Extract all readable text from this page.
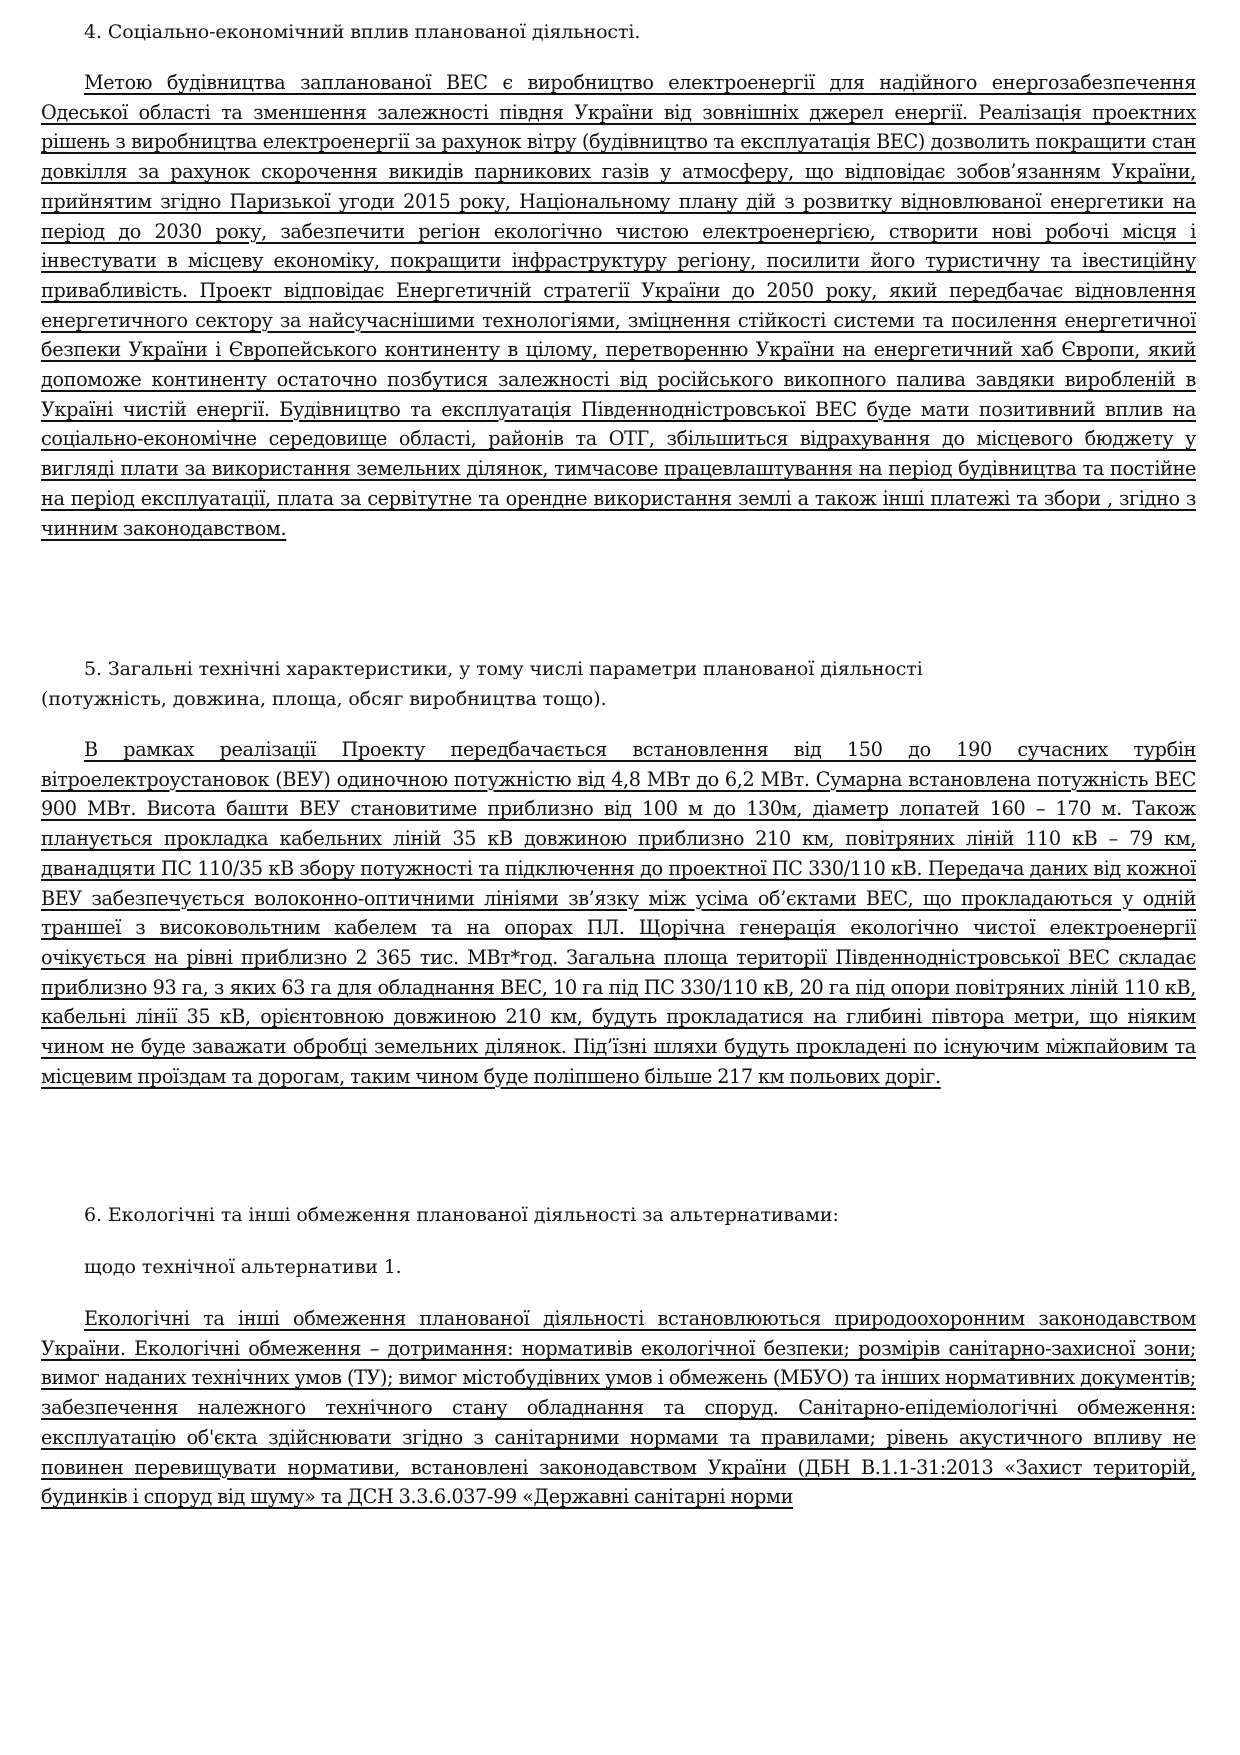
4. Соціально-економічний вплив планованої діяльності.

Метою будівництва запланованої ВЕС є виробництво електроенергії для надійного енергозабезпечення Одеської області та зменшення залежності півдня України від зовнішніх джерел енергії. Реалізація проектних рішень з виробництва електроенергії за рахунок вітру (будівництво та експлуатація ВЕС) дозволить покращити стан довкілля за рахунок скорочення викидів парникових газів у атмосферу, що відповідає зобов’язанням України, прийнятим згідно Паризької угоди 2015 року, Національному плану дій з розвитку відновлюваної енергетики на період до 2030 року, забезпечити регіон екологічно чистою електроенергією, створити нові робочі місця і інвестувати в місцеву економіку, покращити інфраструктуру регіону, посилити його туристичну та івестиційну привабливість. Проект відповідає Енергетичній стратегії України до 2050 року, який передбачає відновлення енергетичного сектору за найсучаснішими технологіями, зміцнення стійкості системи та посилення енергетичної безпеки України і Європейського континенту в цілому, перетворенню України на енергетичний хаб Європи, який допоможе континенту остаточно позбутися залежності від російського викопного палива завдяки виробленій в Україні чистій енергії. Будівництво та експлуатація Південнодністровської ВЕС буде мати позитивний вплив на соціально-економічне середовище області, районів та ОТГ, збільшиться відрахування до місцевого бюджету у вигляді плати за використання земельних ділянок, тимчасове працевлаштування на період будівництва та постійне на період експлуатації, плата за сервітутне та орендне використання землі а також інші платежі та збори , згідно з чинним законодавством.

5. Загальні технічні характеристики, у тому числі параметри планованої діяльності

(потужність, довжина, площа, обсяг виробництва тощо).

В рамках реалізації Проекту передбачається встановлення від 150 до 190 сучасних турбін вітроелектроустановок (ВЕУ) одиночною потужністю від 4,8 МВт до 6,2 МВт. Сумарна встановлена потужність ВЕС 900 МВт. Висота башти ВЕУ становитиме приблизно від 100 м до 130м, діаметр лопатей 160 – 170 м. Також планується прокладка кабельних ліній 35 кВ довжиною приблизно 210 км, повітряних ліній 110 кВ – 79 км, дванадцяти ПС 110/35 кВ збору потужності та підключення до проектної ПС 330/110 кВ. Передача даних від кожної ВЕУ забезпечується волоконно-оптичними лініями зв’язку між усіма об’єктами ВЕС, що прокладаються у одній траншеї з високовольтним кабелем та на опорах ПЛ. Щорічна генерація екологічно чистої електроенергії очікується на рівні приблизно 2 365 тис. МВт*год. Загальна площа території Південнодністровської ВЕС складає приблизно 93 га, з яких 63 га для обладнання ВЕС, 10 га під ПС 330/110 кВ, 20 га під опори повітряних ліній 110 кВ, кабельні лінії 35 кВ, орієнтовною довжиною 210 км, будуть прокладатися на глибині півтора метри, що ніяким чином не буде заважати обробці земельних ділянок. Під’їзні шляхи будуть прокладені по існуючим міжпайовим та місцевим проїздам та дорогам, таким чином буде поліпшено більше 217 км польових доріг.

6. Екологічні та інші обмеження планованої діяльності за альтернативами:

щодо технічної альтернативи 1.

Екологічні та інші обмеження планованої діяльності встановлюються природоохоронним законодавством України. Екологічні обмеження – дотримання: нормативів екологічної безпеки; розмірів санітарно-захисної зони; вимог наданих технічних умов (ТУ); вимог містобудівних умов і обмежень (МБУО) та інших нормативних документів; забезпечення належного технічного стану обладнання та споруд. Санітарно-епідеміологічні обмеження: експлуатацію об'єкта здійснювати згідно з санітарними нормами та правилами; рівень акустичного впливу не повинен перевищувати нормативи, встановлені законодавством України (ДБН В.1.1-31:2013 «Захист територій, будинків і споруд від шуму» та ДСН 3.3.6.037-99 «Державні санітарні норми
